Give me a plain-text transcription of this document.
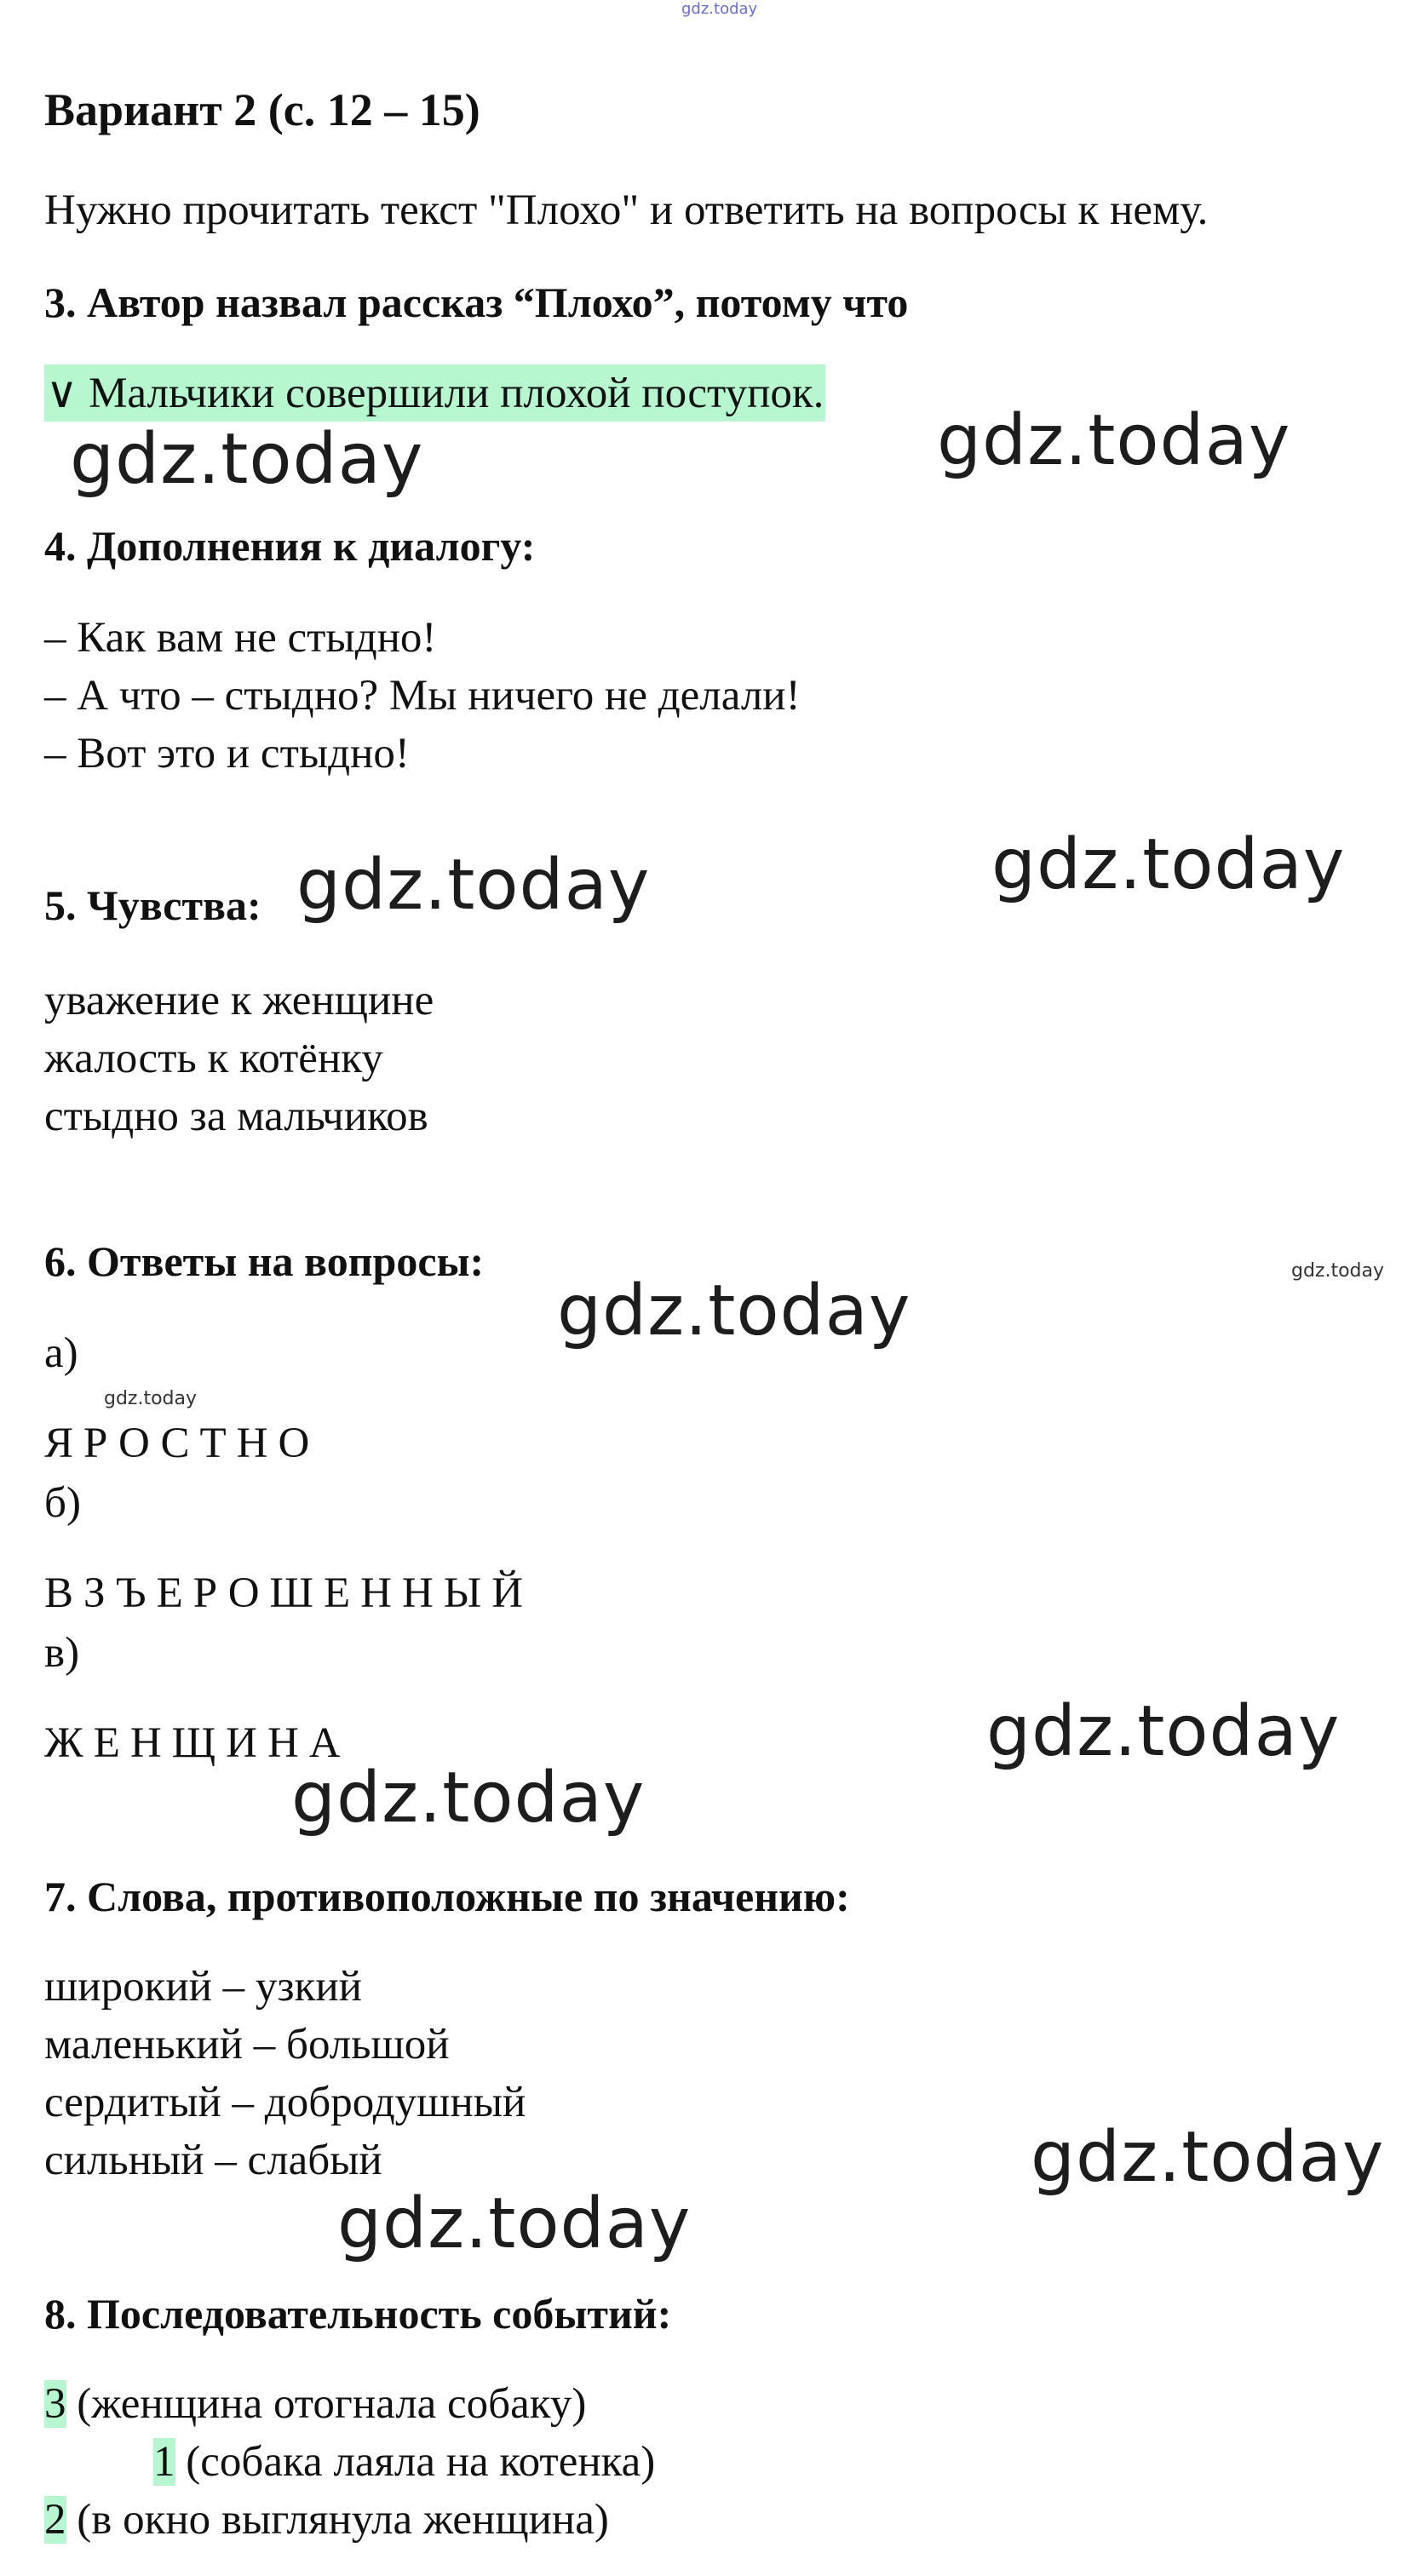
gdz.today
Вариант 2 (с. 12 – 15)
Нужно прочитать текст "Плохо" и ответить на вопросы к нему.
3. Автор назвал рассказ “Плохо”, потому что
∨ Мальчики совершили плохой поступок.
4. Дополнения к диалогу:
– Как вам не стыдно!
– А что – стыдно? Мы ничего не делали!
– Вот это и стыдно!
5. Чувства:
уважение к женщине
жалость к котёнку
стыдно за мальчиков
6. Ответы на вопросы:
а)
ЯРОСТНО
б)
ВЗЪЕРОШЕННЫЙ
в)
ЖЕНЩИНА
7. Слова, противоположные по значению:
широкий – узкий
маленький – большой
сердитый – добродушный
сильный – слабый
8. Последовательность событий:
3 (женщина отогнала собаку)
1 (собака лаяла на котенка)
2 (в окно выглянула женщина)
gdz.today	gdz.today
gdz.today	gdz.today
gdz.today
gdz.today
gdz.today
gdz.today
gdz.today
gdz.today
gdz.today
